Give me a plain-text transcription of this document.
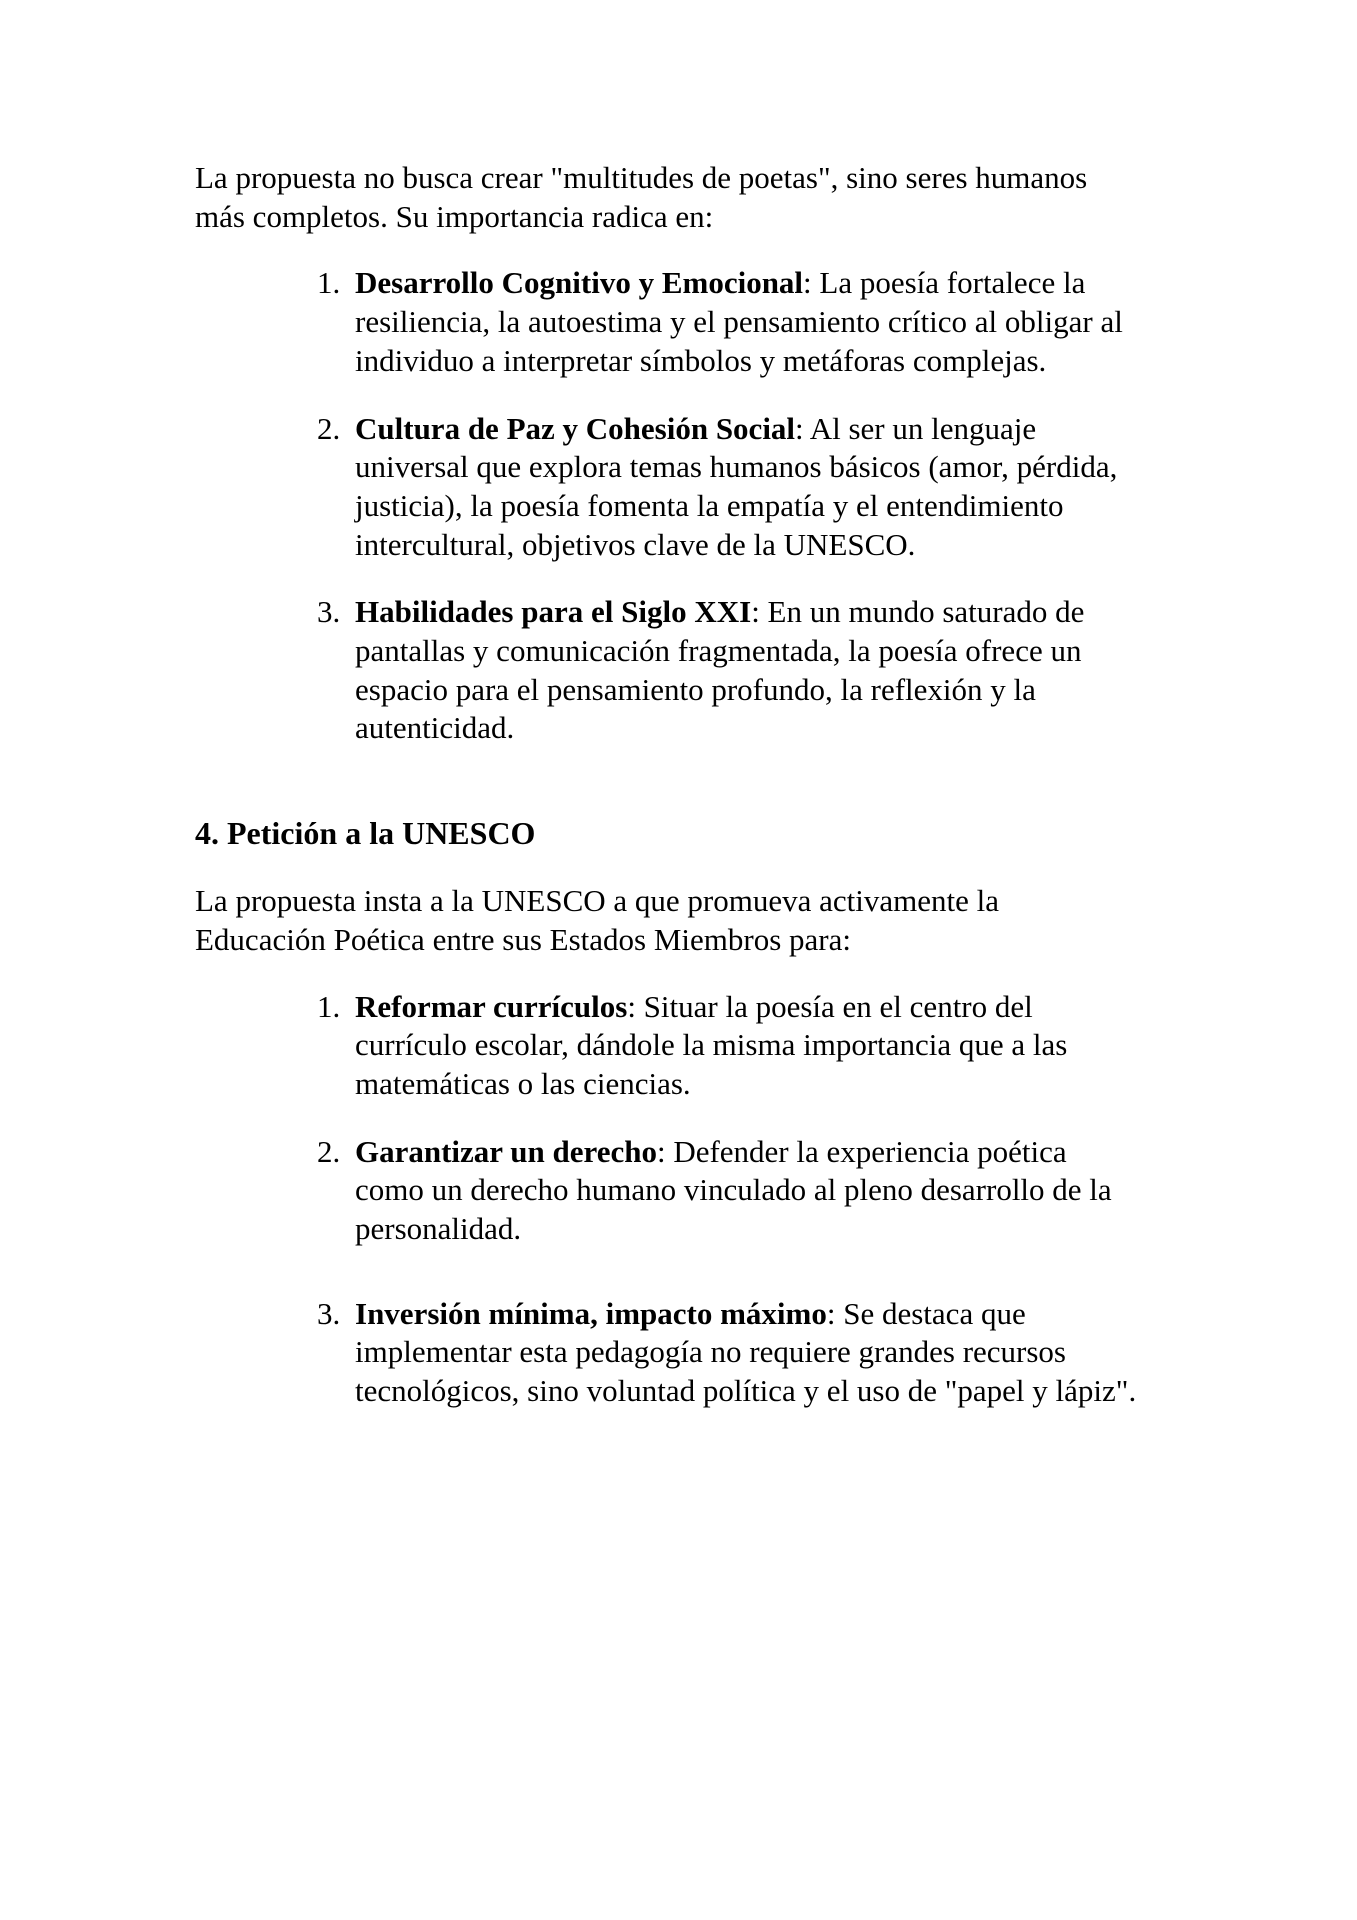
La propuesta no busca crear "multitudes de poetas", sino seres humanos
más completos. Su importancia radica en:

1. Desarrollo Cognitivo y Emocional: La poesía fortalece la
resiliencia, la autoestima y el pensamiento crítico al obligar al
individuo a interpretar símbolos y metáforas complejas.
2. Cultura de Paz y Cohesión Social: Al ser un lenguaje
universal que explora temas humanos básicos (amor, pérdida,
justicia), la poesía fomenta la empatía y el entendimiento
intercultural, objetivos clave de la UNESCO.
3. Habilidades para el Siglo XXI: En un mundo saturado de
pantallas y comunicación fragmentada, la poesía ofrece un
espacio para el pensamiento profundo, la reflexión y la
autenticidad.
4. Petición a la UNESCO

La propuesta insta a la UNESCO a que promueva activamente la
Educación Poética entre sus Estados Miembros para:

1. Reformar currículos: Situar la poesía en el centro del
currículo escolar, dándole la misma importancia que a las
matemáticas o las ciencias.
2. Garantizar un derecho: Defender la experiencia poética
como un derecho humano vinculado al pleno desarrollo de la
personalidad.
3. Inversión mínima, impacto máximo: Se destaca que
implementar esta pedagogía no requiere grandes recursos
tecnológicos, sino voluntad política y el uso de "papel y lápiz".
